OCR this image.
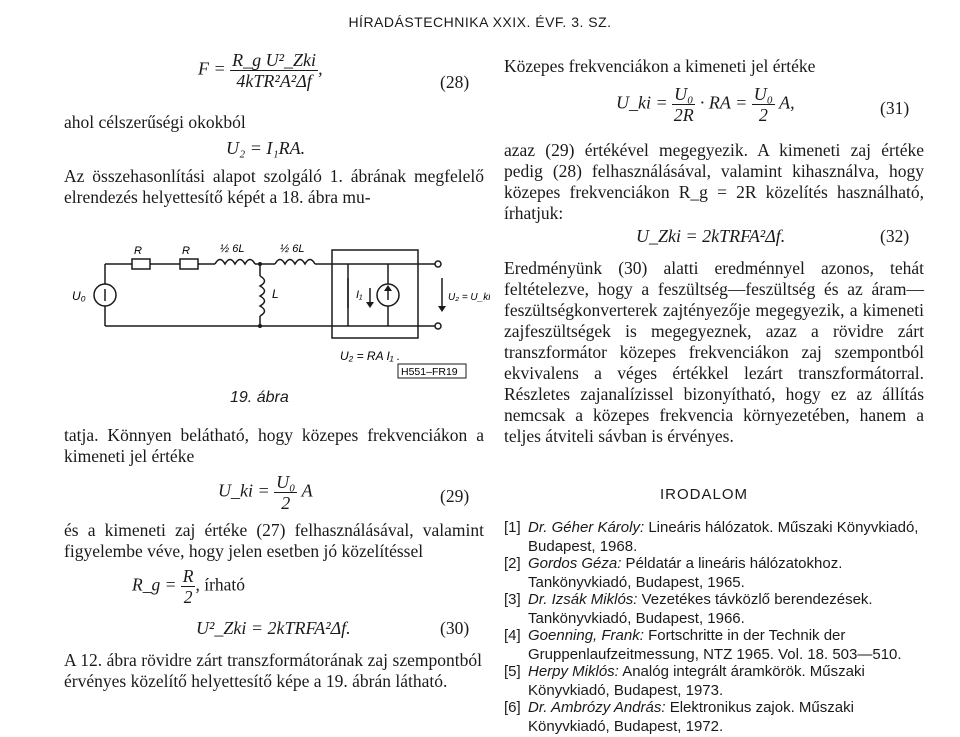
HÍRADÁSTECHNIKA XXIX. ÉVF. 3. SZ.
$F = \frac{\text{R\_g U²\_Zki}}{\text{4kTR²A²Δf}}$ ,
(28)
ahol célszerűségi okokból
U₂ = I₁RA.
Az összehasonlítási alapot szolgáló 1. ábrának megfelelő elrendezés helyettesítő képét a 18. ábra mu-
R	R	½ 6L	½ 6L
L
U₀	I₁
U₂ = RA I₁ .
U₂ = U_ki
H551–FR19
19. ábra
tatja. Könnyen belátható, hogy közepes frekvenciákon a kimeneti jel értéke
U_ki = $\frac{\text{U₀}}{2}$ A	(29)
és a kimeneti zaj értéke (27) felhasználásával, valamint figyelembe véve, hogy jelen esetben jó közelítéssel
R_g = $\frac{R}{2}$ , írható
U²_Zki = 2kTRFA²Δf.	(30)
A 12. ábra rövidre zárt transzformátorának zaj szempontból érvényes közelítő helyettesítő képe a 19. ábrán látható.
Közepes frekvenciákon a kimeneti jel értéke
U_ki = $\frac{\text{U₀}}{2R}$ · RA = $\frac{\text{U₀}}{2} A$,	(31)
azaz (29) értékével megegyezik. A kimeneti zaj értéke pedig (28) felhasználásával, valamint kihasználva, hogy közepes frekvenciákon R_g = 2R közelítés használható, írhatjuk:
U_Zki = 2kTRFA²Δf.	(32)
Eredményünk (30) alatti eredménnyel azonos, tehát feltételezve, hogy a feszültség—feszültség és az áram—feszültségkonverterek zajtényezője megegyezik, a kimeneti zajfeszültségek is megegyeznek, azaz a rövidre zárt transzformátor közepes frekvenciákon zaj szempontból ekvivalens a véges értékkel lezárt transzformátorral. Részletes zajanalízissel bizonyítható, hogy ez az állítás nemcsak a közepes frekvencia környezetében, hanem a teljes átviteli sávban is érvényes.
IRODALOM
[1] Dr. Géher Károly: Lineáris hálózatok. Műszaki Könyvkiadó, Budapest, 1968.
[2] Gordos Géza: Példatár a lineáris hálózatokhoz. Tankönyvkiadó, Budapest, 1965.
[3] Dr. Izsák Miklós: Vezetékes távközlő berendezések. Tankönyvkiadó, Budapest, 1966.
[4] Goenning, Frank: Fortschritte in der Technik der Gruppenlaufzeitmessung, NTZ 1965. Vol. 18. 503—510.
[5] Herpy Miklós: Analóg integrált áramkörök. Műszaki Könyvkiadó, Budapest, 1973.
[6] Dr. Ambrózy András: Elektronikus zajok. Műszaki Könyvkiadó, Budapest, 1972.
